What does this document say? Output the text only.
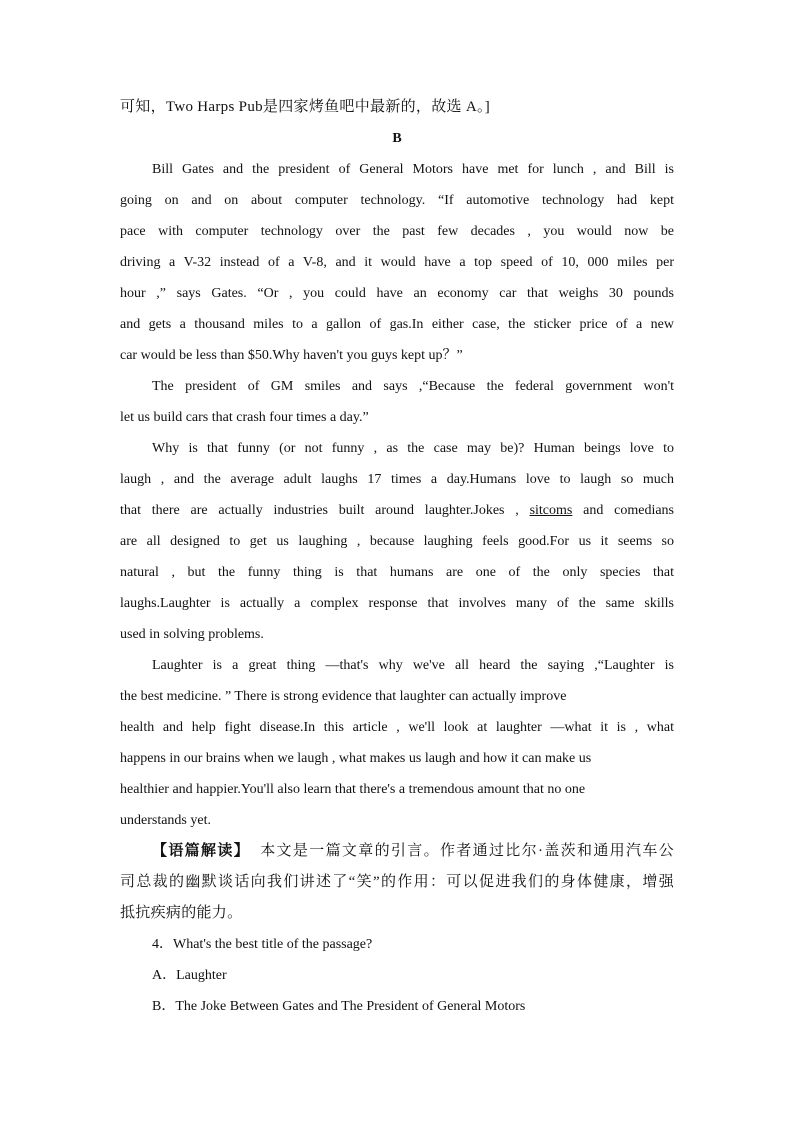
可知，Two Harps Pub是四家烤鱼吧中最新的，故选 A。]
B
Bill Gates and the president of General Motors have met for lunch , and Bill is
going on and on about computer technology. “If automotive technology had kept
pace with computer technology over the past few decades , you would now be
driving a V-32 instead of a V-8, and it would have a top speed of 10, 000 miles per
hour ,” says Gates. “Or , you could have an economy car that weighs 30 pounds
and gets a thousand miles to a gallon of gas.In either case, the sticker price of a new
car would be less than $50.Why haven't you guys kept up？”
The president of GM smiles and says ,“Because the federal government won't
let us build cars that crash four times a day.”
Why is that funny (or not funny , as the case may be)? Human beings love to
laugh , and the average adult laughs 17 times a day.Humans love to laugh so much
that there are actually industries built around laughter.Jokes , sitcoms and comedians
are all designed to get us laughing , because laughing feels good.For us it seems so
natural , but the funny thing is that humans are one of the only species that
laughs.Laughter is actually a complex response that involves many of the same skills
used in solving problems.
Laughter is a great thing —that's why we've all heard the saying ,“Laughter is
the best medicine. ” There is strong evidence that laughter can actually improve
health and help fight disease.In this article , we'll look at laughter —what it is , what
happens in our brains when we laugh , what makes us laugh and how it can make us
healthier and happier.You'll also learn that there's a tremendous amount that no one
understands yet.
【语篇解读】 本文是一篇文章的引言。作者通过比尔·盖茨和通用汽车公
司总裁的幽默谈话向我们讲述了“笑”的作用：可以促进我们的身体健康，增强
抵抗疾病的能力。
4．What's the best title of the passage?
A．Laughter
B．The Joke Between Gates and The President of General Motors
